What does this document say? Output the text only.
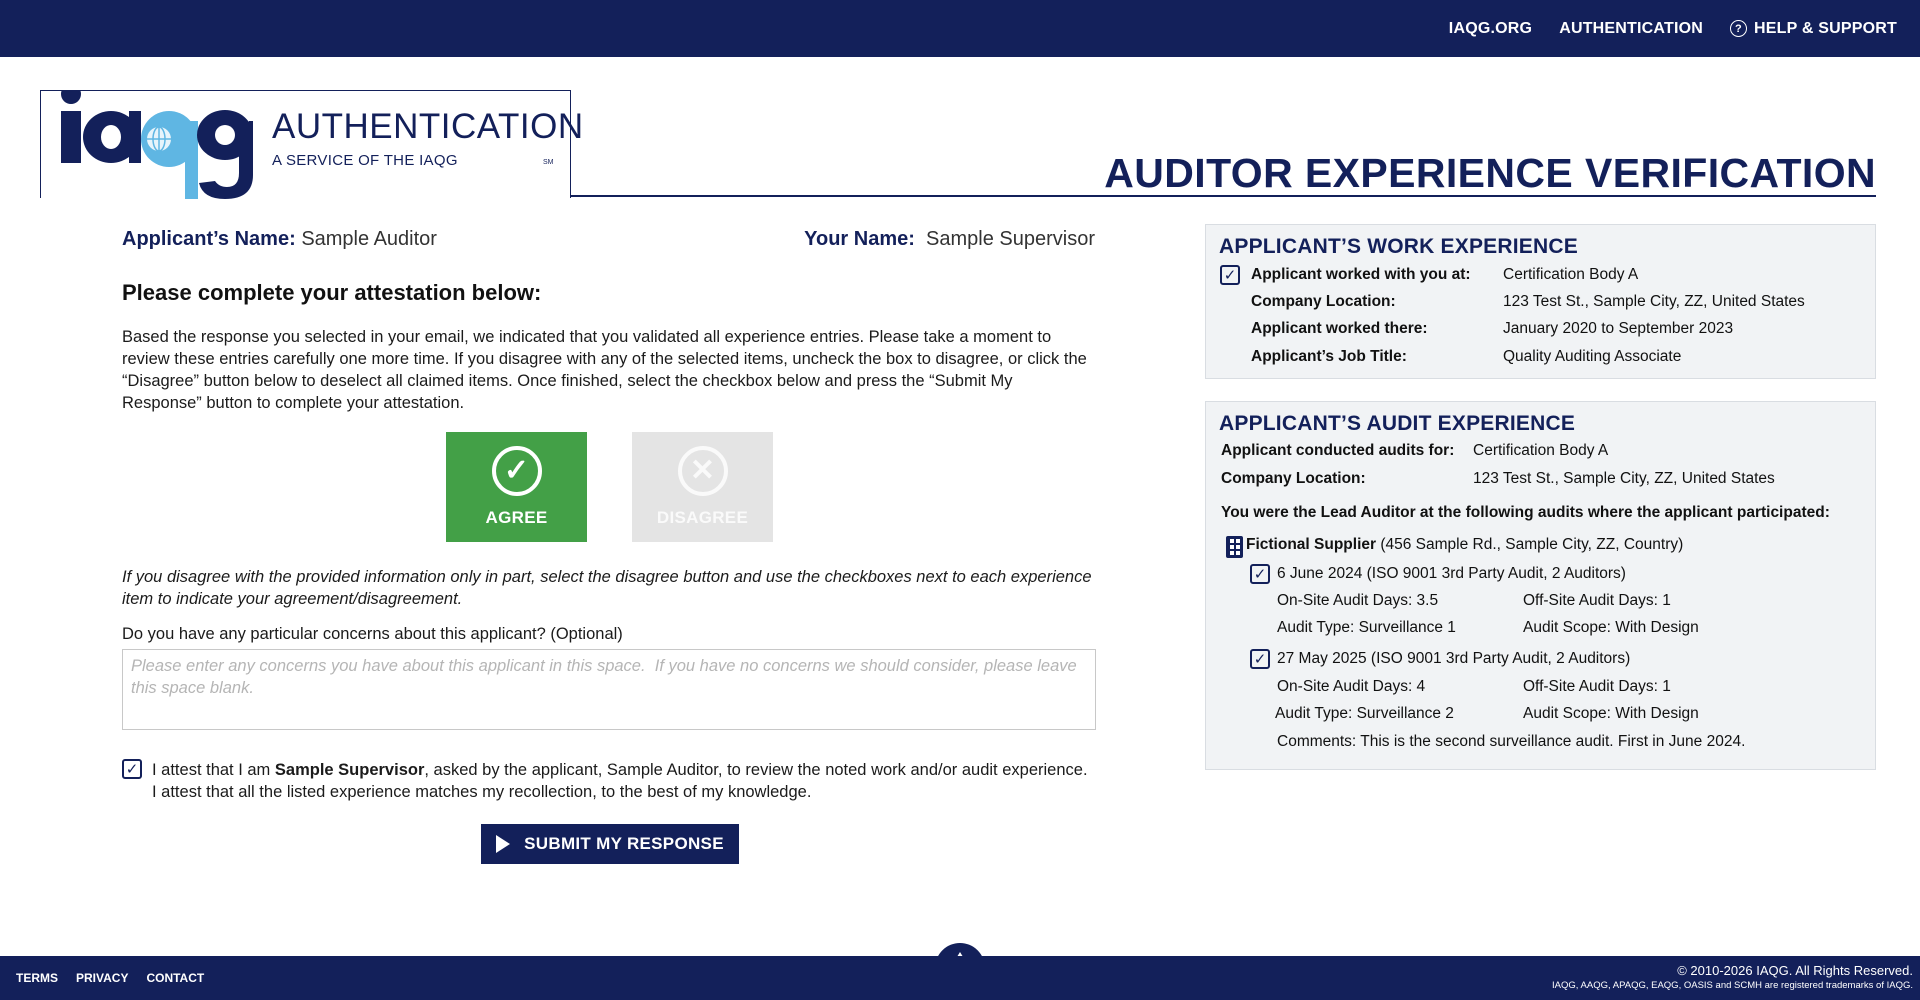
IAQG.ORG AUTHENTICATION	? HELP & SUPPORT
AUTHENTICATION
A SERVICE OF THE IAQG	SM	AUDITOR EXPERIENCE VERIFICATION
Applicant’s Name: Sample Auditor	Your Name: Sample Supervisor
Please complete your attestation below:

Based the response you selected in your email, we indicated that you validated all experience entries. Please take a moment to review these entries carefully one more time. If you disagree with any of the selected items, uncheck the box to disagree, or click the “Disagree” button below to deselect all claimed items. Once finished, select the checkbox below and press the “Submit My Response” button to complete your attestation.

✓
AGREE
✕
DISAGREE

If you disagree with the provided information only in part, select the disagree button and use the checkboxes next to each experience item to indicate your agreement/disagreement.

Do you have any particular concerns about this applicant? (Optional)
Please enter any concerns you have about this applicant in this space. If you have no concerns we should consider, please leave this space blank.
✓ I attest that I am Sample Supervisor, asked by the applicant, Sample Auditor, to review the noted work and/or audit experience.
I attest that all the listed experience matches my recollection, to the best of my knowledge.
SUBMIT MY RESPONSE
APPLICANT’S WORK EXPERIENCE
✓ Applicant worked with you at: Certification Body A
Company Location:	123 Test St., Sample City, ZZ, United States
Applicant worked there:	January 2020 to September 2023
Applicant’s Job Title:	Quality Auditing Associate
APPLICANT’S AUDIT EXPERIENCE
Applicant conducted audits for: Certification Body A
Company Location:	123 Test St., Sample City, ZZ, United States
You were the Lead Auditor at the following audits where the applicant participated:
Fictional Supplier (456 Sample Rd., Sample City, ZZ, Country)
✓ 6 June 2024 (ISO 9001 3rd Party Audit, 2 Auditors)
On-Site Audit Days: 3.5	Off-Site Audit Days: 1
Audit Type: Surveillance 1	Audit Scope: With Design
✓ 27 May 2025 (ISO 9001 3rd Party Audit, 2 Auditors)
On-Site Audit Days: 4	Off-Site Audit Days: 1
Audit Type: Surveillance 2	Audit Scope: With Design
Comments: This is the second surveillance audit. First in June 2024.
TERMS PRIVACY CONTACT	© 2010-2026 IAQG. All Rights Reserved.
IAQG, AAQG, APAQG, EAQG, OASIS and SCMH are registered trademarks of IAQG.
